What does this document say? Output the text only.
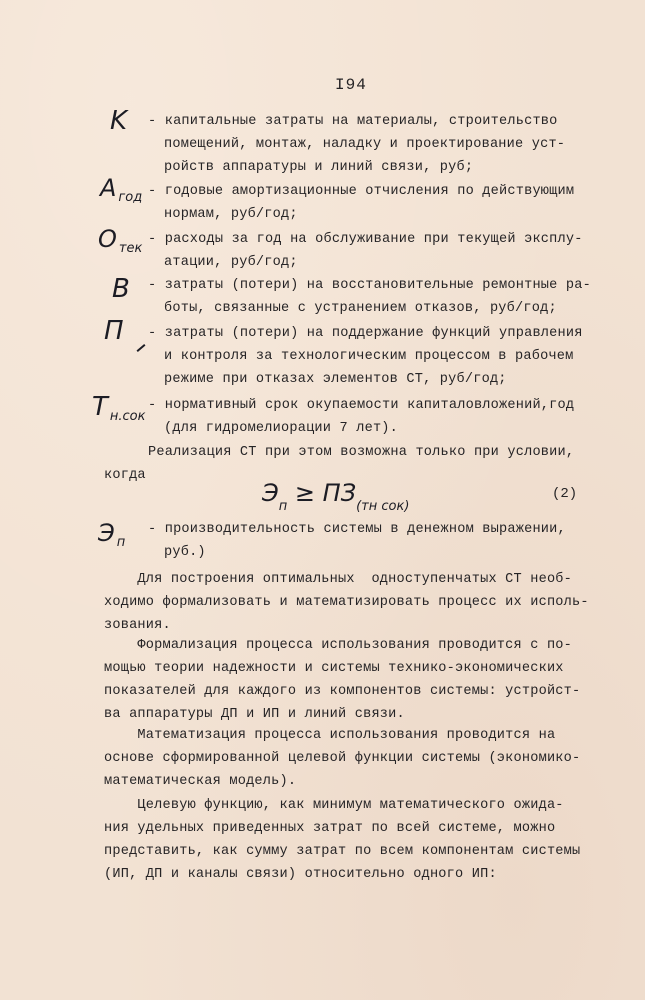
I94
K - капитальные затраты на материалы, строительство
помещений, монтаж, наладку и проектирование уст-
ройств аппаратуры и линий связи, руб;
A $_{год}$ - годовые амортизационные отчисления по действующим
нормам, руб/год;
O $_{тек}$
- расходы за год на обслуживание при текущей эксплу-
атации, руб/год;
B - затраты (потери) на восстановительные ремонтные ра-
боты, связанные с устранением отказов, руб/год;
П - затраты (потери) на поддержание функций управления
и контроля за технологическим процессом в рабочем
режиме при отказах элементов СТ, руб/год;
T $_{н.сок}$
- нормативный срок окупаемости капиталовложений,год
(для гидромелиорации 7 лет).
Реализация СТ при этом возможна только при условии,
когда
$Э_п \ge ПЗ_{(тн сок)}$
(2)
Э $_п$
- производительность системы в денежном выражении,
руб.)
Для построения оптимальных  одноступенчатых СТ необ-
ходимо формализовать и математизировать процесс их исполь-
зования.
Формализация процесса использования проводится с по-
мощью теории надежности и системы технико-экономических
показателей для каждого из компонентов системы: устройст-
ва аппаратуры ДП и ИП и линий связи.
Математизация процесса использования проводится на
основе сформированной целевой функции системы (экономико-
математическая модель).
Целевую функцию, как минимум математического ожида-
ния удельных приведенных затрат по всей системе, можно
представить, как сумму затрат по всем компонентам системы
(ИП, ДП и каналы связи) относительно одного ИП:
